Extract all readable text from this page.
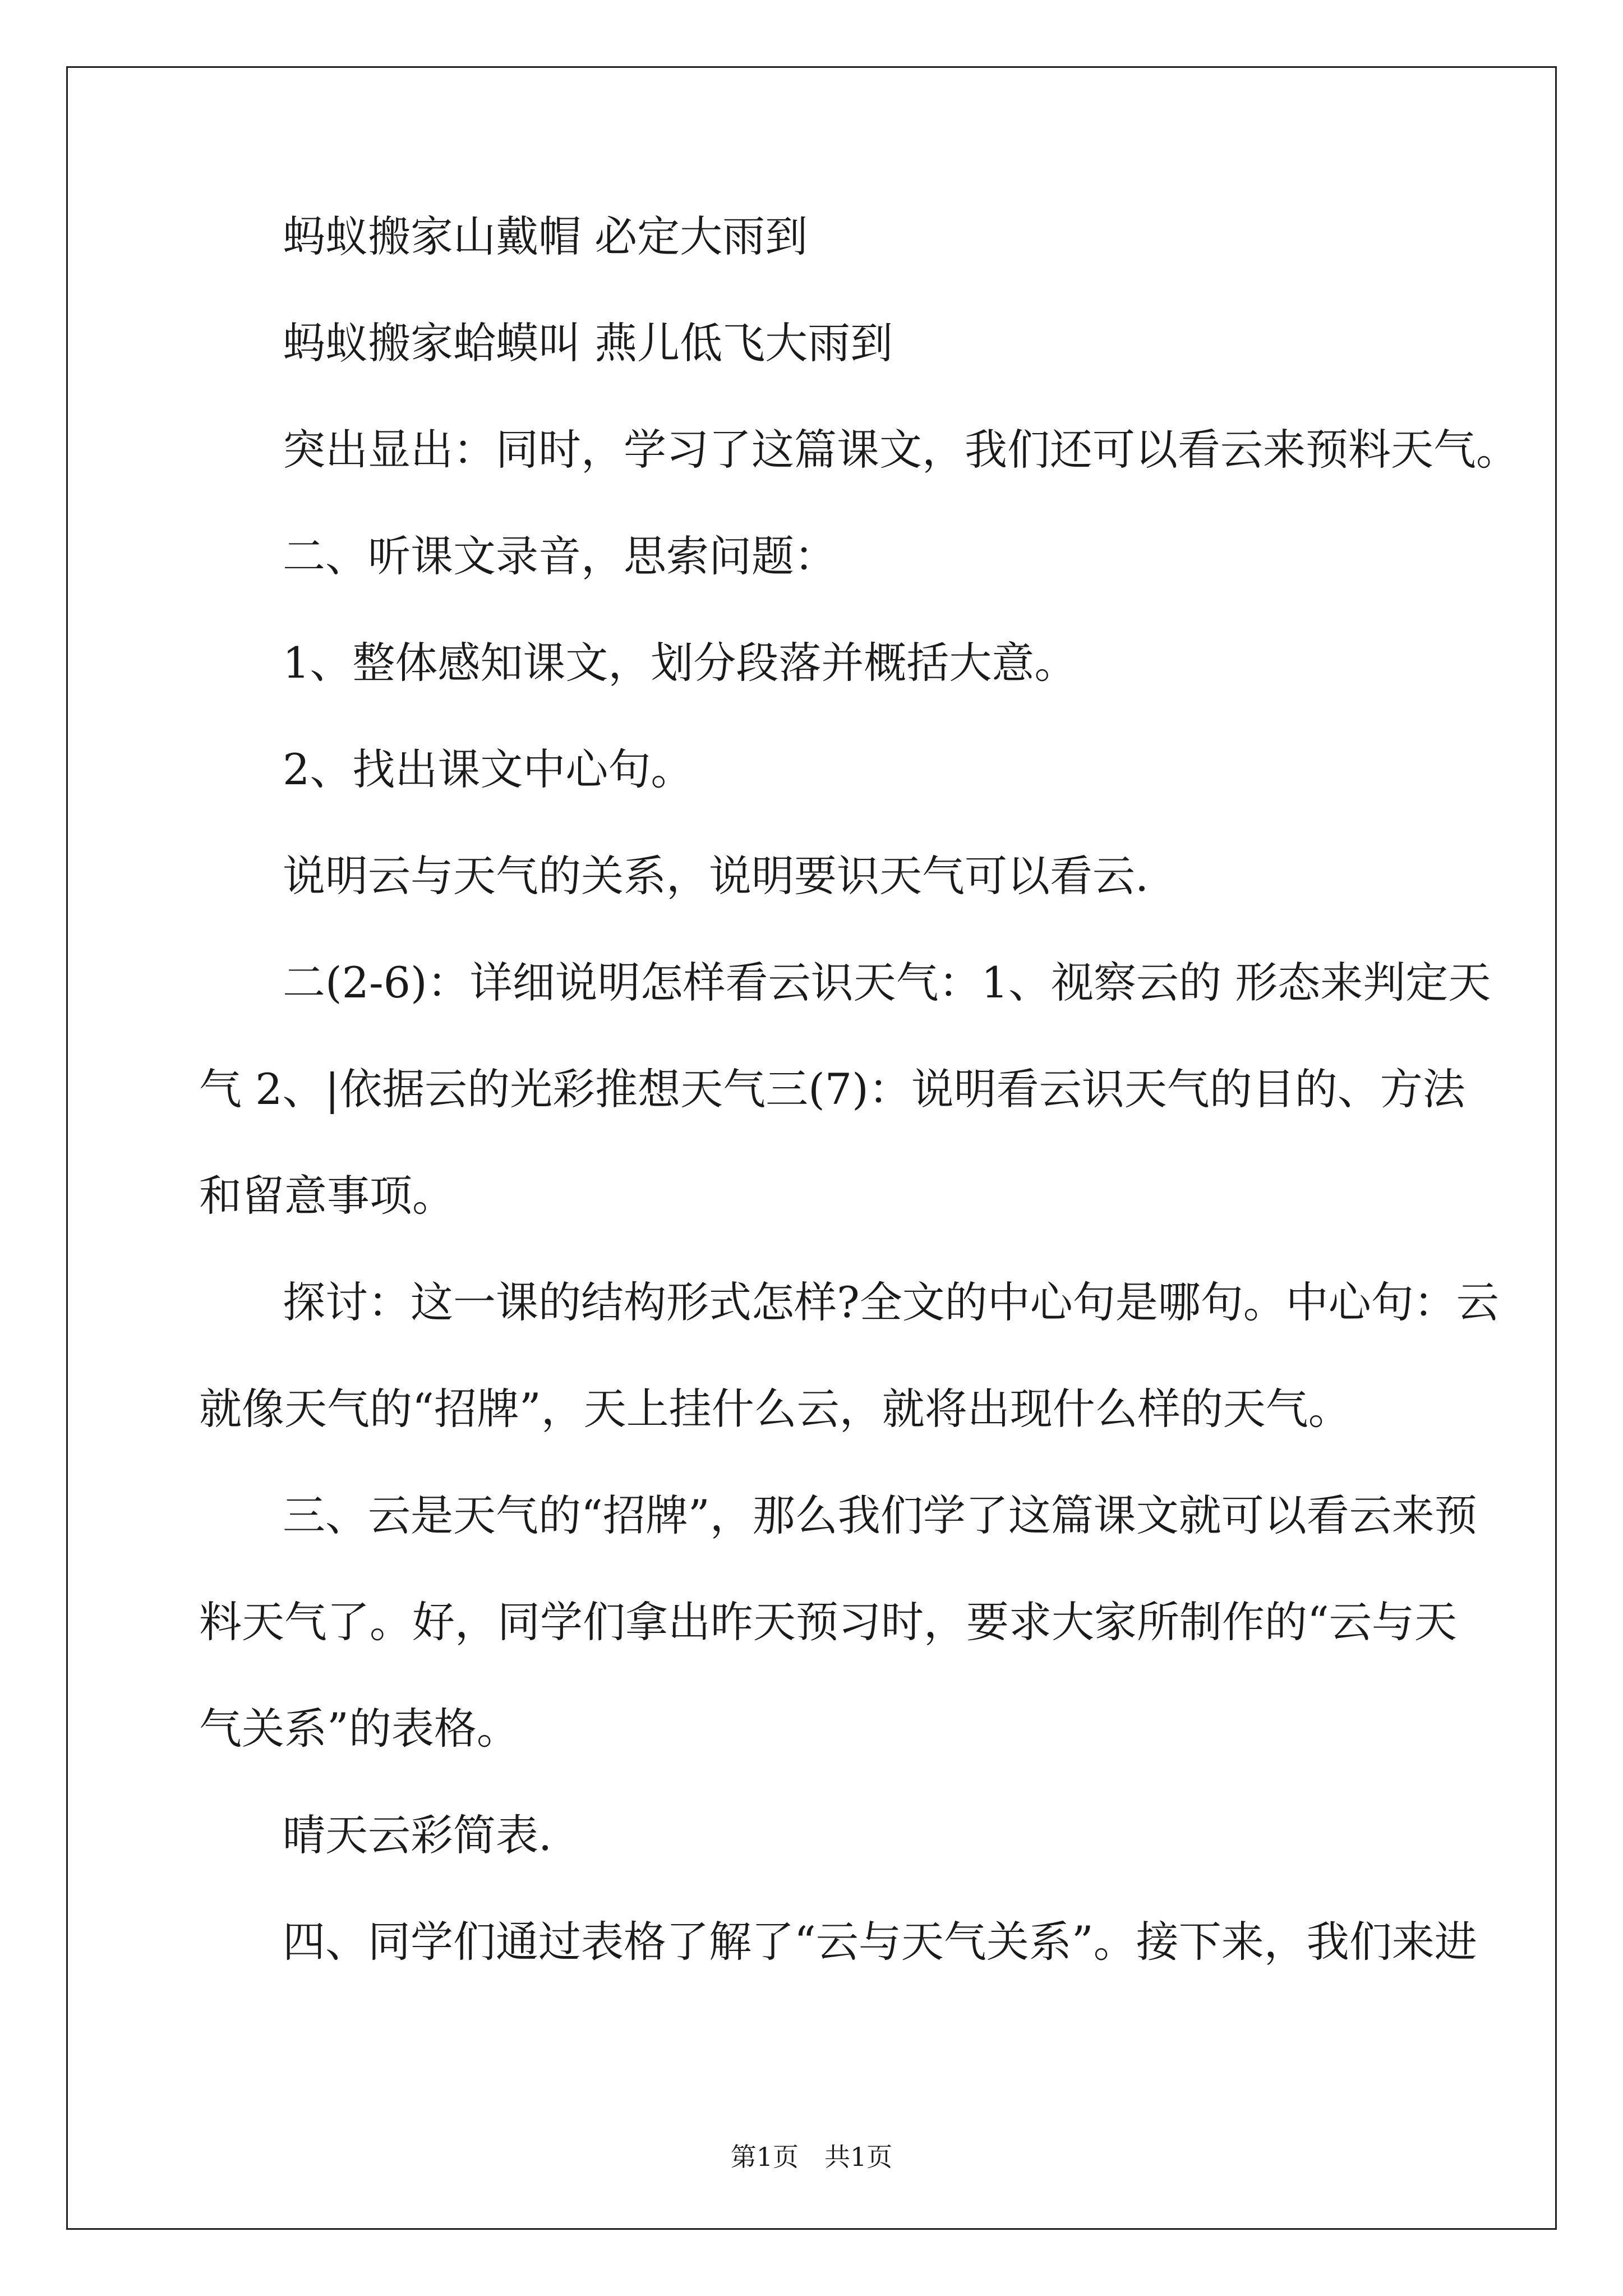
蚂蚁搬家山戴帽 必定大雨到
蚂蚁搬家蛤蟆叫 燕儿低飞大雨到
突出显出：同时，学习了这篇课文，我们还可以看云来预料天气。
二、听课文录音，思索问题：
1、整体感知课文，划分段落并概括大意。
2、找出课文中心句。
说明云与天气的关系，说明要识天气可以看云.
二(2-6)：详细说明怎样看云识天气：1、视察云的 形态来判定天
气 2、|依据云的光彩推想天气三(7)：说明看云识天气的目的、方法
和留意事项。
探讨：这一课的结构形式怎样?全文的中心句是哪句。中心句：云
就像天气的“招牌”，天上挂什么云，就将出现什么样的天气。
三、云是天气的“招牌”，那么我们学了这篇课文就可以看云来预
料天气了。好，同学们拿出昨天预习时，要求大家所制作的“云与天
气关系”的表格。
晴天云彩简表.
四、同学们通过表格了解了“云与天气关系”。接下来，我们来进
第1页　共1页
